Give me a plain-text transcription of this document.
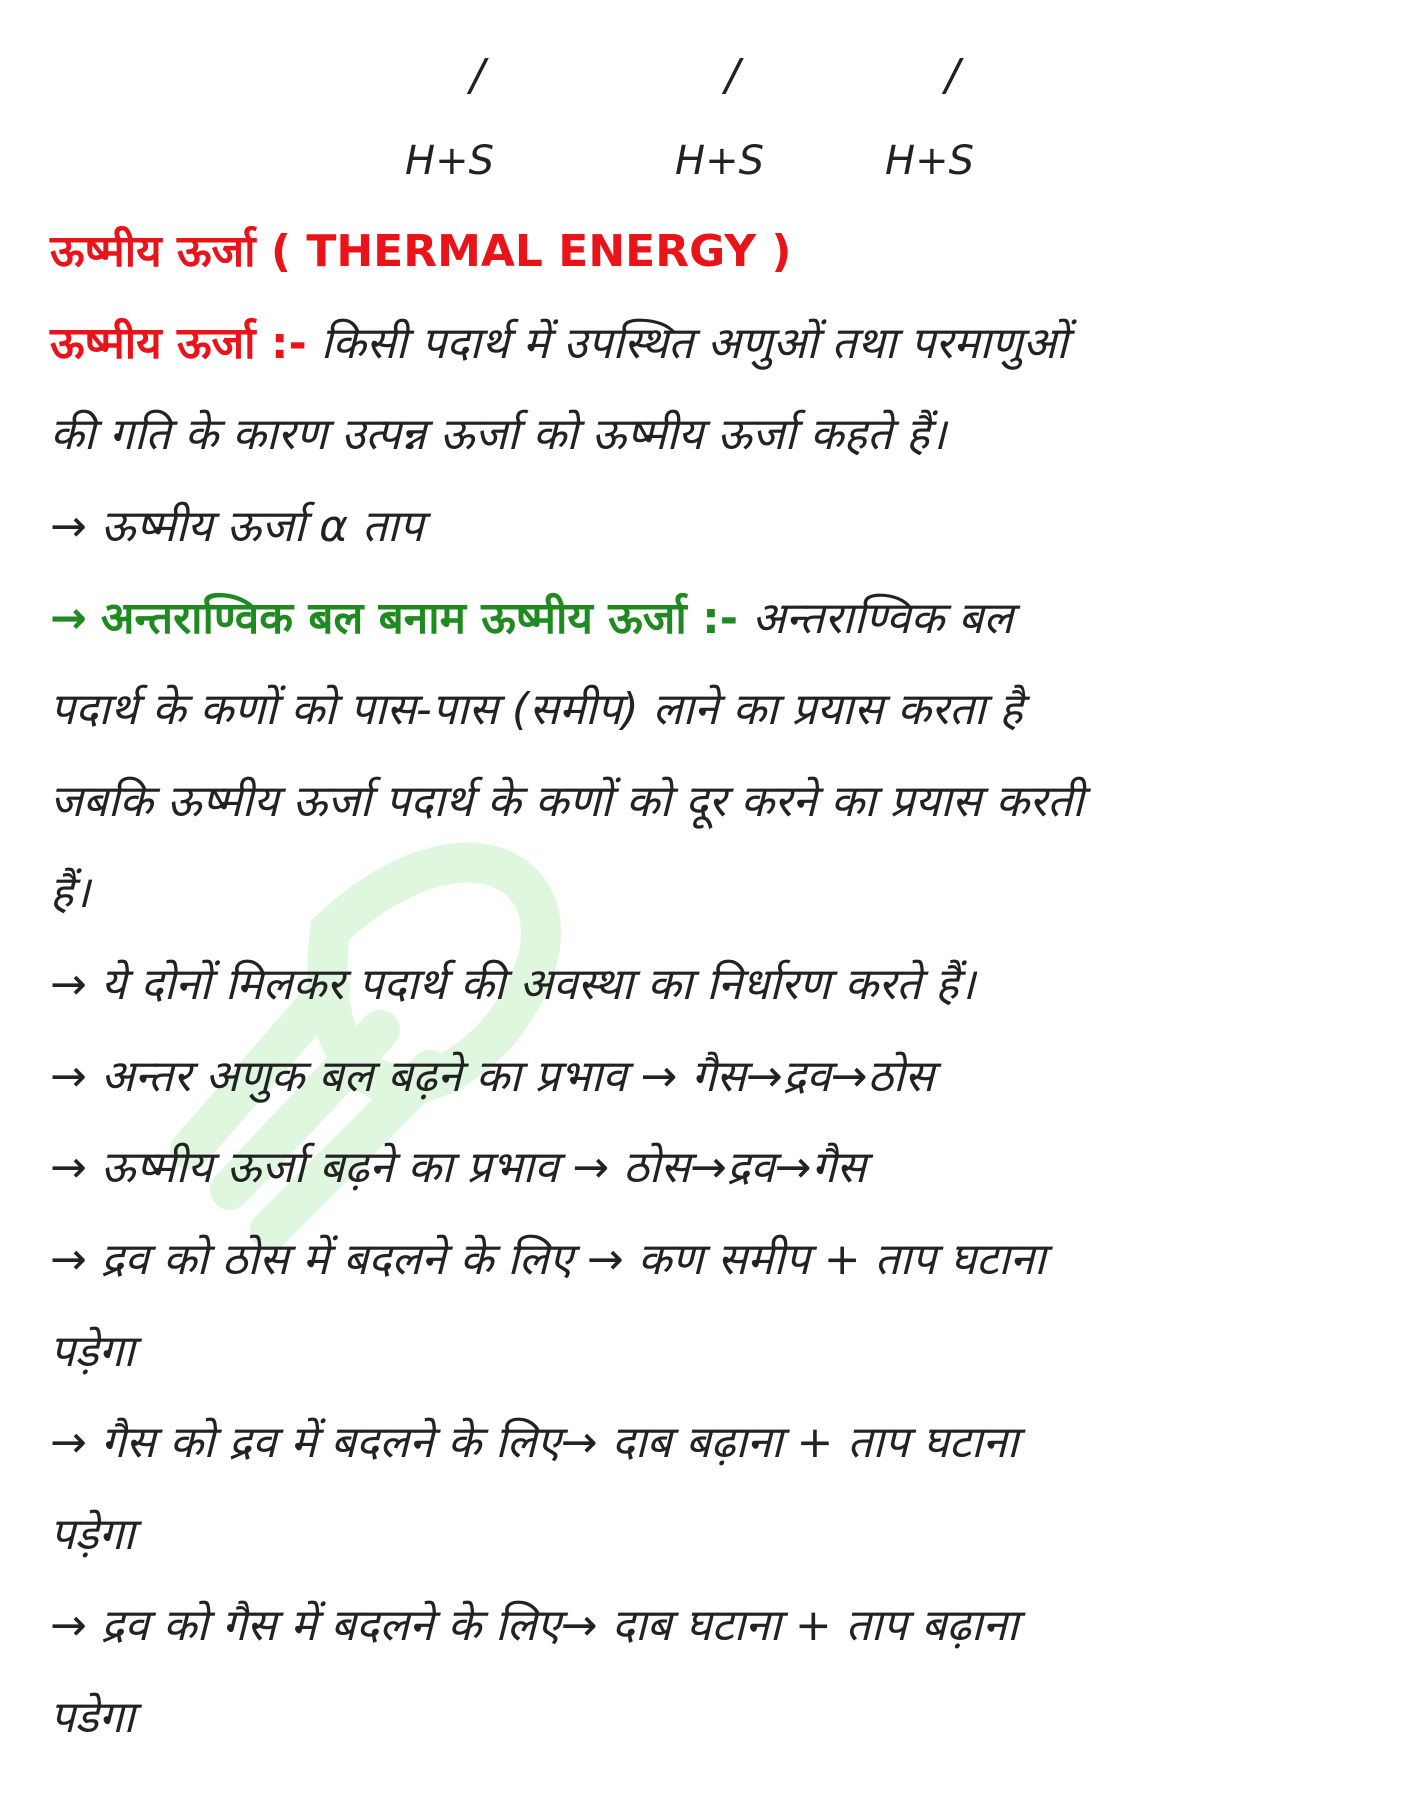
/	/	/
H+S	H+S	H+S
ऊष्मीय ऊर्जा ( THERMAL ENERGY )
ऊष्मीय ऊर्जा :- किसी पदार्थ में उपस्थित अणुओं तथा परमाणुओं
की गति के कारण उत्पन्न ऊर्जा को ऊष्मीय ऊर्जा कहते हैं।
→ ऊष्मीय ऊर्जा α ताप
→ अन्तराण्विक बल बनाम ऊष्मीय ऊर्जा :- अन्तराण्विक बल
पदार्थ के कणों को पास-पास (समीप) लाने का प्रयास करता है
जबकि ऊष्मीय ऊर्जा पदार्थ के कणों को दूर करने का प्रयास करती
हैं।
→ ये दोनों मिलकर पदार्थ की अवस्था का निर्धारण करते हैं।
→ अन्तर अणुक बल बढ़ने का प्रभाव → गैस→द्रव→ठोस
→ ऊष्मीय ऊर्जा बढ़ने का प्रभाव → ठोस→द्रव→गैस
→ द्रव को ठोस में बदलने के लिए → कण समीप + ताप घटाना
पड़ेगा
→ गैस को द्रव में बदलने के लिए→ दाब बढ़ाना + ताप घटाना
पड़ेगा
→ द्रव को गैस में बदलने के लिए→ दाब घटाना + ताप बढ़ाना
पडेगा
